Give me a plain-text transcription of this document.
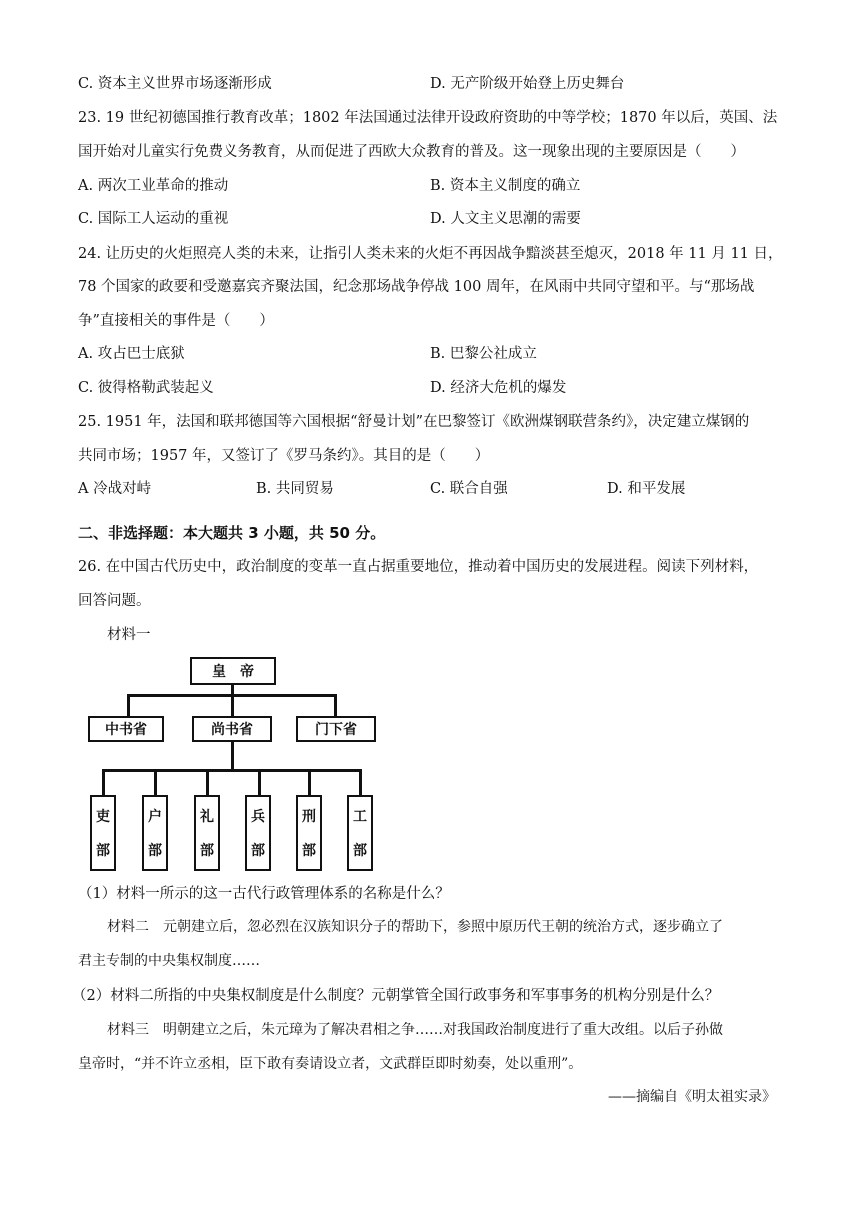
C. 资本主义世界市场逐渐形成	D. 无产阶级开始登上历史舞台
23. 19 世纪初德国推行教育改革；1802 年法国通过法律开设政府资助的中等学校；1870 年以后，英国、法
国开始对儿童实行免费义务教育，从而促进了西欧大众教育的普及。这一现象出现的主要原因是（　　）
A. 两次工业革命的推动	B. 资本主义制度的确立
C. 国际工人运动的重视	D. 人文主义思潮的需要
24. 让历史的火炬照亮人类的未来，让指引人类未来的火炬不再因战争黯淡甚至熄灭，2018 年 11 月 11 日，
78 个国家的政要和受邀嘉宾齐聚法国，纪念那场战争停战 100 周年，在风雨中共同守望和平。与“那场战
争”直接相关的事件是（　　）
A. 攻占巴士底狱	B. 巴黎公社成立
C. 彼得格勒武装起义	D. 经济大危机的爆发
25. 1951 年，法国和联邦德国等六国根据“舒曼计划”在巴黎签订《欧洲煤钢联营条约》，决定建立煤钢的
共同市场；1957 年，又签订了《罗马条约》。其目的是（　　）
A 冷战对峙	B. 共同贸易	C. 联合自强	D. 和平发展
二、非选择题：本大题共 3 小题，共 50 分。
26. 在中国古代历史中，政治制度的变革一直占据重要地位，推动着中国历史的发展进程。阅读下列材料，
回答问题。
材料一
皇　帝
中书省	尚书省	门下省
吏
部
户
部
礼
部
兵
部
刑
部
工
部
（1）材料一所示的这一古代行政管理体系的名称是什么？
材料二　元朝建立后，忽必烈在汉族知识分子的帮助下，参照中原历代王朝的统治方式，逐步确立了
君主专制的中央集权制度……
（2）材料二所指的中央集权制度是什么制度？元朝掌管全国行政事务和军事事务的机构分别是什么？
材料三　明朝建立之后，朱元璋为了解决君相之争……对我国政治制度进行了重大改组。以后子孙做
皇帝时，“并不许立丞相，臣下敢有奏请设立者，文武群臣即时劾奏，处以重刑”。
——摘编自《明太祖实录》
